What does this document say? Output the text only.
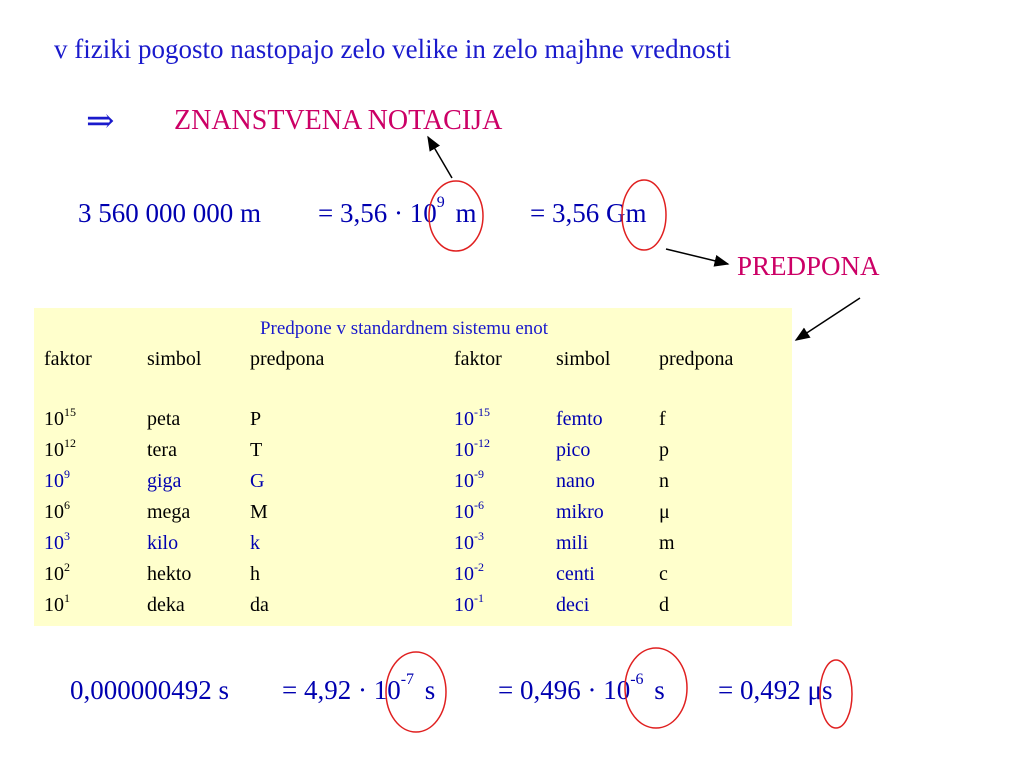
v fiziki pogosto nastopajo zelo velike in zelo majhne vrednosti
⇒ ZNANSTVENA NOTACIJA
3 560 000 000 $m = 3,56 \cdot 10^9$ m = 3,56 Gm
PREDPONA
Predpone v standardnem sistemu enot
faktor	simbol predpona	faktor	simbol predpona
$10^{15}$	peta	P	$10^{-15}$	femto	f
$10^{12}$	tera	T	$10^{-12}$	pico	p
$10^9$	giga	G	$10^{-9}$	nano	n
$10^6$	mega	M	$10^{-6}$	mikro	μ
$10^3$	kilo	k	$10^{-3}$	mili	m
$10^2$	hekto	h	$10^{-2}$	centi	c
$10^1$	deka	da	$10^{-1}$	deci	d
0,000000492 $s = 4,92 \cdot 10^{-7}$ $s = 0,496 \cdot 10^{-6}$ s = 0,492 μs
